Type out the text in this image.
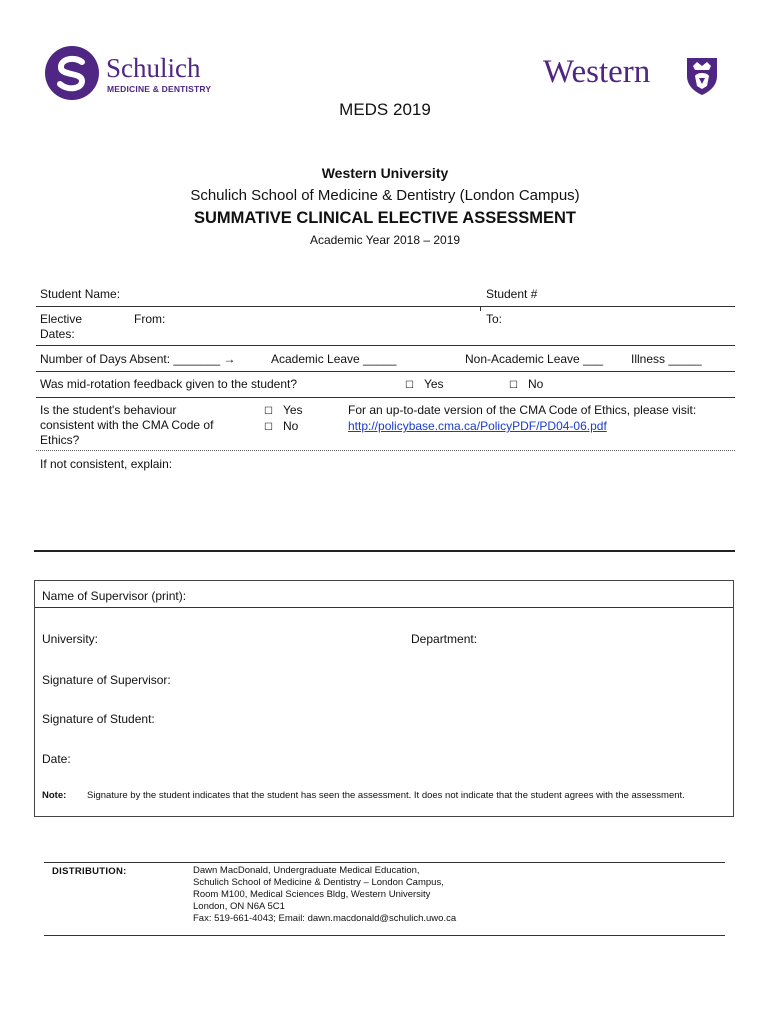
Schulich
MEDICINE & DENTISTRY	Western
MEDS 2019
Western University
Schulich School of Medicine & Dentistry (London Campus)
SUMMATIVE CLINICAL ELECTIVE ASSESSMENT
Academic Year 2018 – 2019
Student Name:	Student #
Elective
Dates:
From:	To:
Number of Days Absent: _______ →	Academic Leave _____	Non-Academic Leave ___ Illness _____
Was mid-rotation feedback given to the student?	☐ Yes	☐ No
Is the student's behaviour
consistent with the CMA Code of
Ethics?
☐ Yes
☐ No
For an up-to-date version of the CMA Code of Ethics, please visit:
http://policybase.cma.ca/PolicyPDF/PD04-06.pdf
If not consistent, explain:
Name of Supervisor (print):
University:	Department:
Signature of Supervisor:
Signature of Student:
Date:
Note: Signature by the student indicates that the student has seen the assessment. It does not indicate that the student agrees with the assessment.
DISTRIBUTION:	Dawn MacDonald, Undergraduate Medical Education,
Schulich School of Medicine & Dentistry – London Campus,
Room M100, Medical Sciences Bldg, Western University
London, ON N6A 5C1
Fax: 519-661-4043; Email: dawn.macdonald@schulich.uwo.ca
